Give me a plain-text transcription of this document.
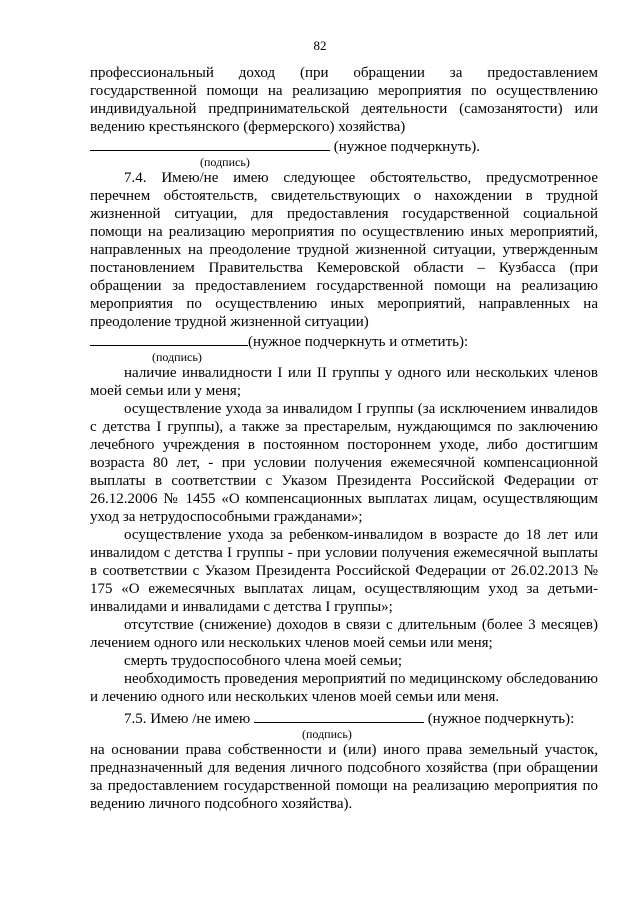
82

профессиональный доход (при обращении за предоставлением государственной помощи на реализацию мероприятия по осуществлению индивидуальной предпринимательской деятельности (самозанятости) или ведению крестьянского (фермерского) хозяйства)

(нужное подчеркнуть).

(подпись)

7.4. Имею/не имею следующее обстоятельство, предусмотренное перечнем обстоятельств, свидетельствующих о нахождении в трудной жизненной ситуации, для предоставления государственной социальной помощи на реализацию мероприятия по осуществлению иных мероприятий, направленных на преодоление трудной жизненной ситуации, утвержденным постановлением Правительства Кемеровской области – Кузбасса (при обращении за предоставлением государственной помощи на реализацию мероприятия по осуществлению иных мероприятий, направленных на преодоление трудной жизненной ситуации)

(нужное подчеркнуть и отметить):

(подпись)

наличие инвалидности I или II группы у одного или нескольких членов моей семьи или у меня;

осуществление ухода за инвалидом I группы (за исключением инвалидов с детства I группы), а также за престарелым, нуждающимся по заключению лечебного учреждения в постоянном постороннем уходе, либо достигшим возраста 80 лет, - при условии получения ежемесячной компенсационной выплаты в соответствии с Указом Президента Российской Федерации от 26.12.2006 № 1455 «О компенсационных выплатах лицам, осуществляющим уход за нетрудоспособными гражданами»;

осуществление ухода за ребенком-инвалидом в возрасте до 18 лет или инвалидом с детства I группы - при условии получения ежемесячной выплаты в соответствии с Указом Президента Российской Федерации от 26.02.2013 № 175 «О ежемесячных выплатах лицам, осуществляющим уход за детьми-инвалидами и инвалидами с детства I группы»;

отсутствие (снижение) доходов в связи с длительным (более 3 месяцев) лечением одного или нескольких членов моей семьи или меня;

смерть трудоспособного члена моей семьи;

необходимость проведения мероприятий по медицинскому обследованию и лечению одного или нескольких членов моей семьи или меня.

7.5. Имею /не имею	(нужное подчеркнуть):

(подпись)

на основании права собственности и (или) иного права земельный участок, предназначенный для ведения личного подсобного хозяйства (при обращении за предоставлением государственной помощи на реализацию мероприятия по ведению личного подсобного хозяйства).
